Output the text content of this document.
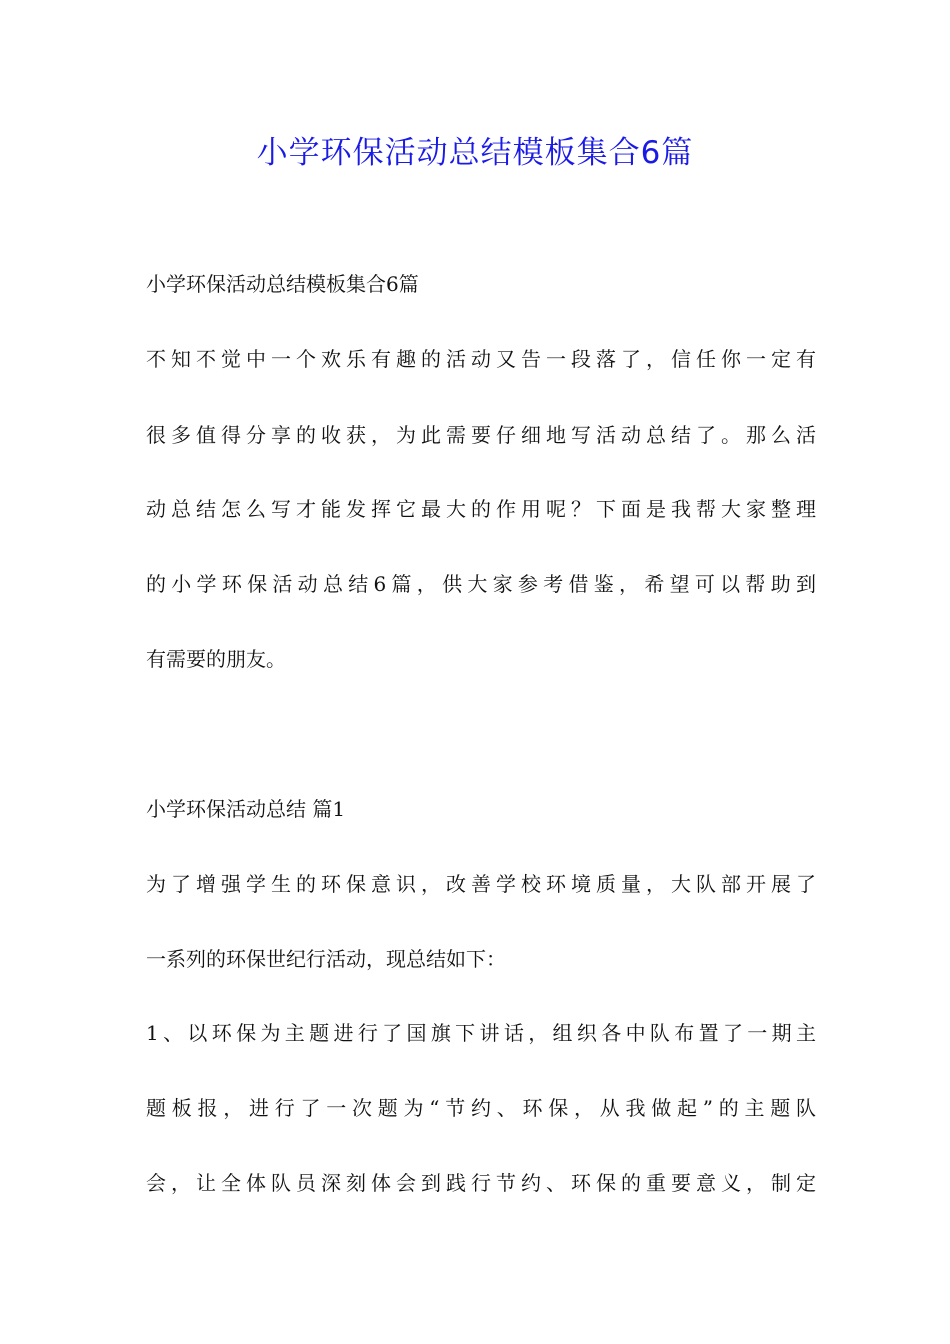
小学环保活动总结模板集合6篇

小学环保活动总结模板集合6篇

不知不觉中一个欢乐有趣的活动又告一段落了，信任你一定有

很多值得分享的收获，为此需要仔细地写活动总结了。那么活

动总结怎么写才能发挥它最大的作用呢？下面是我帮大家整理

的小学环保活动总结6篇，供大家参考借鉴，希望可以帮助到

有需要的朋友。

小学环保活动总结 篇1

为了增强学生的环保意识，改善学校环境质量，大队部开展了

一系列的环保世纪行活动，现总结如下：

1、以环保为主题进行了国旗下讲话，组织各中队布置了一期主

题板报，进行了一次题为“节约、环保，从我做起”的主题队

会，让全体队员深刻体会到践行节约、环保的重要意义，制定
